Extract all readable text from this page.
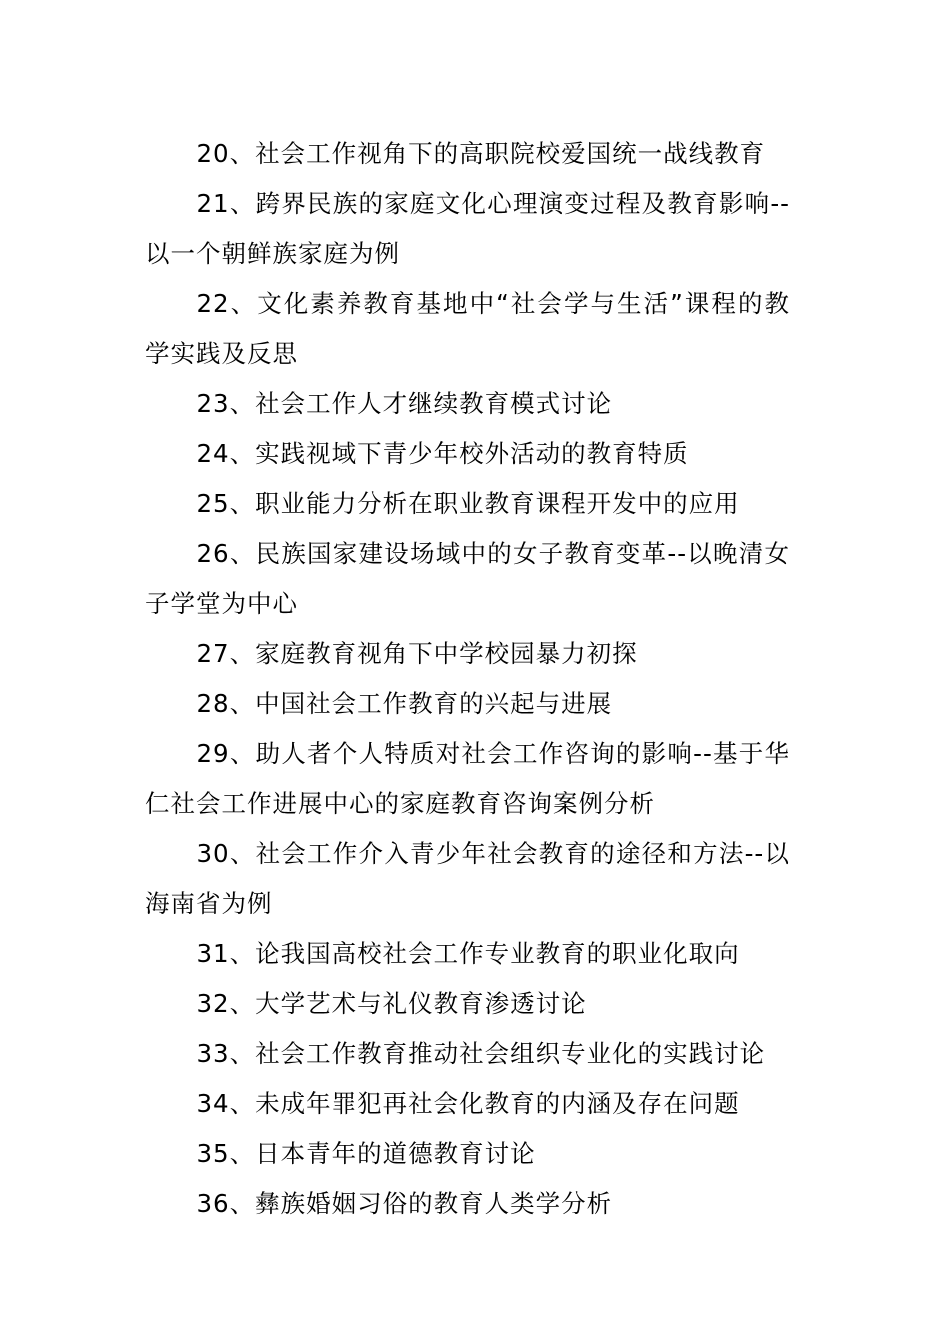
20、社会工作视角下的高职院校爱国统一战线教育

21、跨界民族的家庭文化心理演变过程及教育影响--以一个朝鲜族家庭为例

22、文化素养教育基地中“社会学与生活”课程的教学实践及反思

23、社会工作人才继续教育模式讨论

24、实践视域下青少年校外活动的教育特质

25、职业能力分析在职业教育课程开发中的应用

26、民族国家建设场域中的女子教育变革--以晚清女子学堂为中心

27、家庭教育视角下中学校园暴力初探

28、中国社会工作教育的兴起与进展

29、助人者个人特质对社会工作咨询的影响--基于华仁社会工作进展中心的家庭教育咨询案例分析

30、社会工作介入青少年社会教育的途径和方法--以海南省为例

31、论我国高校社会工作专业教育的职业化取向

32、大学艺术与礼仪教育渗透讨论

33、社会工作教育推动社会组织专业化的实践讨论

34、未成年罪犯再社会化教育的内涵及存在问题

35、日本青年的道德教育讨论

36、彝族婚姻习俗的教育人类学分析
